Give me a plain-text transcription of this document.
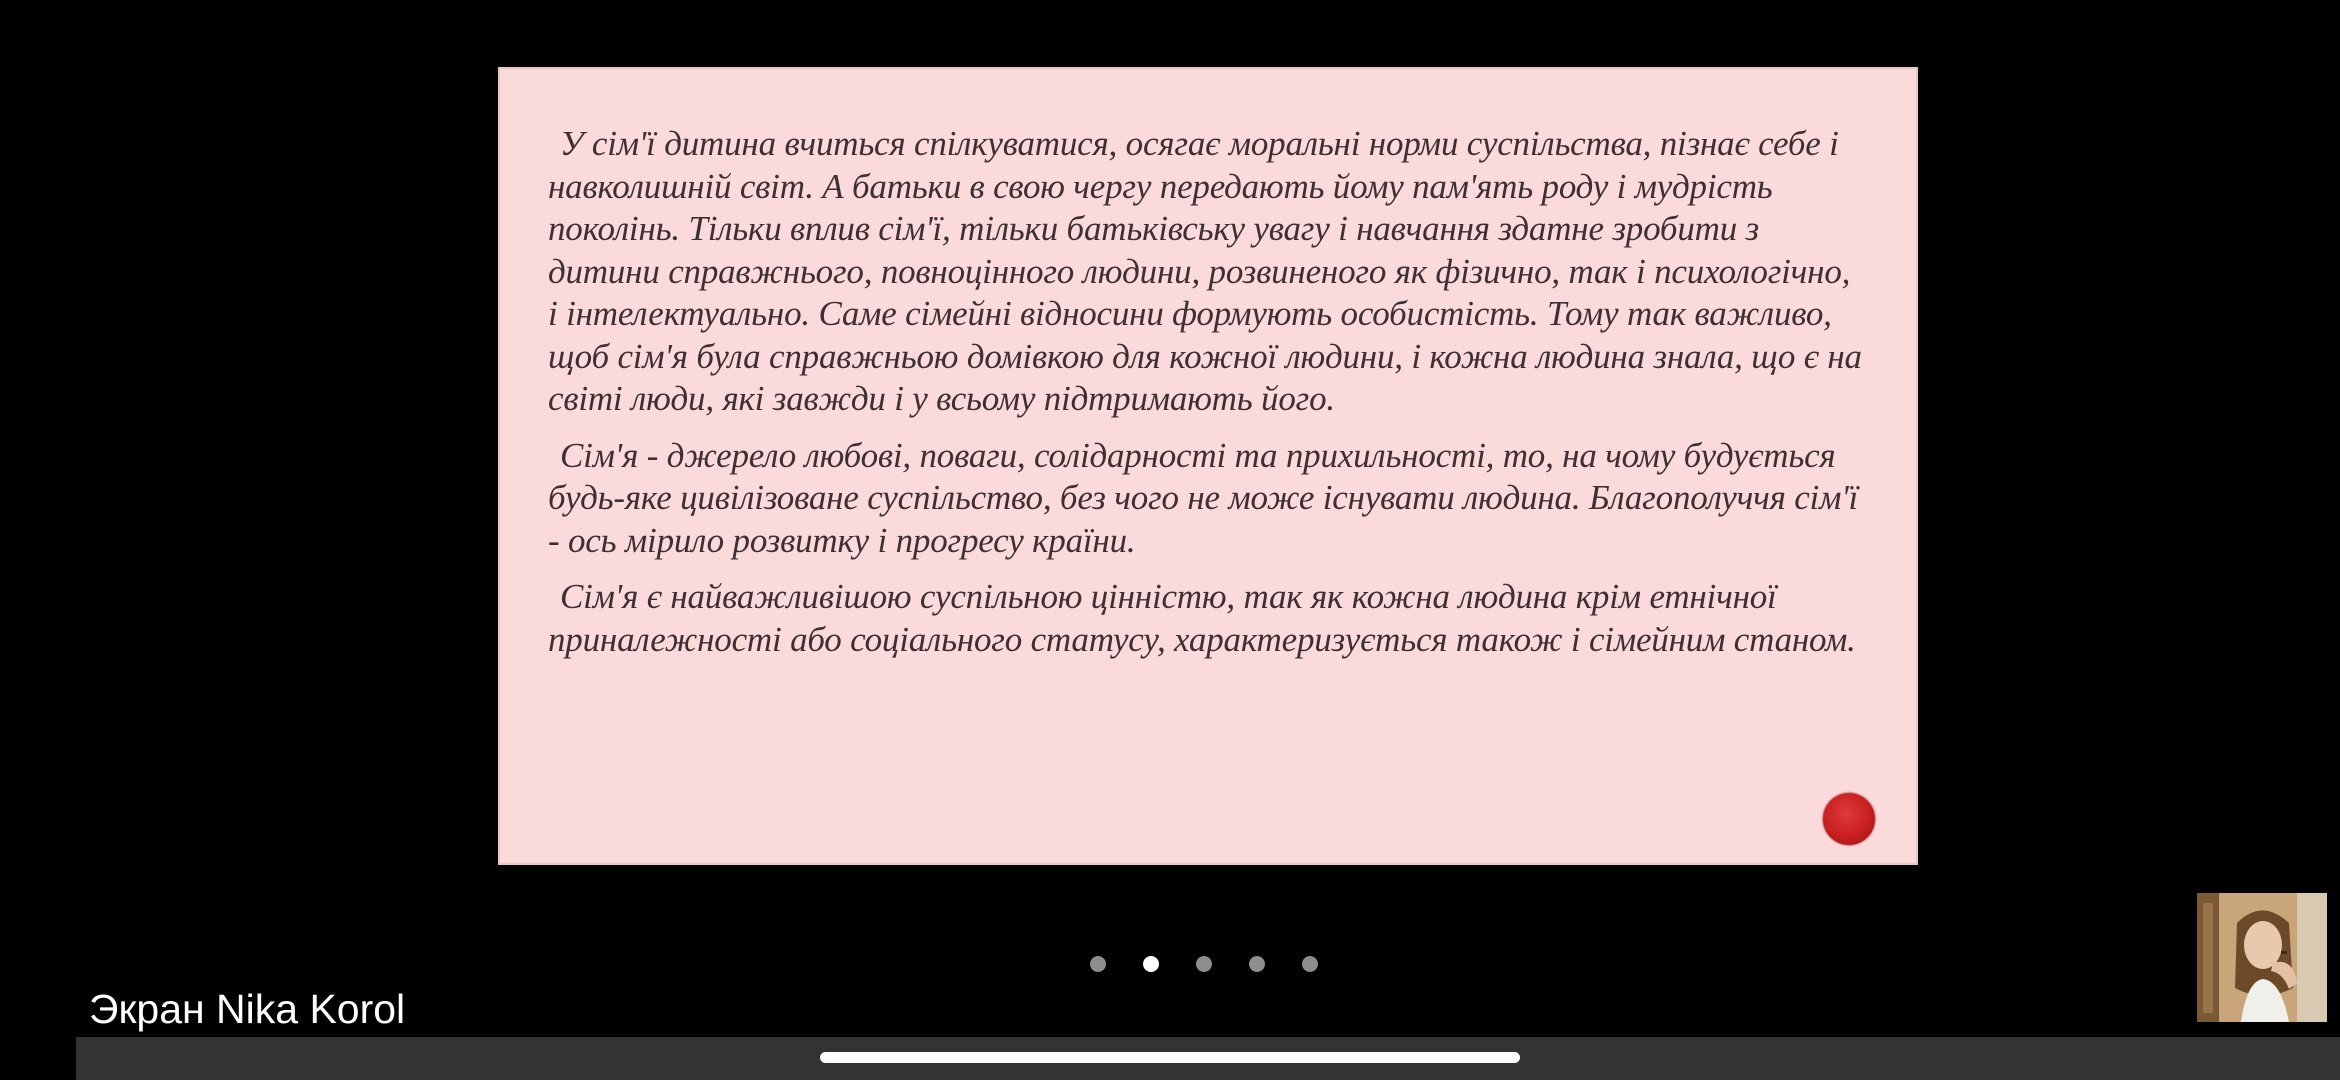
У сім'ї дитина вчиться спілкуватися, осягає моральні норми суспільства, пізнає себе і навколишній світ. А батьки в свою чергу передають йому пам'ять роду і мудрість поколінь. Тільки вплив сім'ї, тільки батьківську увагу і навчання здатне зробити з дитини справжнього, повноцінного людини, розвиненого як фізично, так і психологічно, і інтелектуально. Саме сімейні відносини формують особистість. Тому так важливо, щоб сім'я була справжньою домівкою для кожної людини, і кожна людина знала, що є на світі люди, які завжди і у всьому підтримають його.

Сім'я - джерело любові, поваги, солідарності та прихильності, то, на чому будується будь-яке цивілізоване суспільство, без чого не може існувати людина. Благополуччя сім'ї - ось мірило розвитку і прогресу країни.

Сім'я є найважливішою суспільною цінністю, так як кожна людина крім етнічної приналежності або соціального статусу, характеризується також і сімейним станом.

Экран Nika Korol
